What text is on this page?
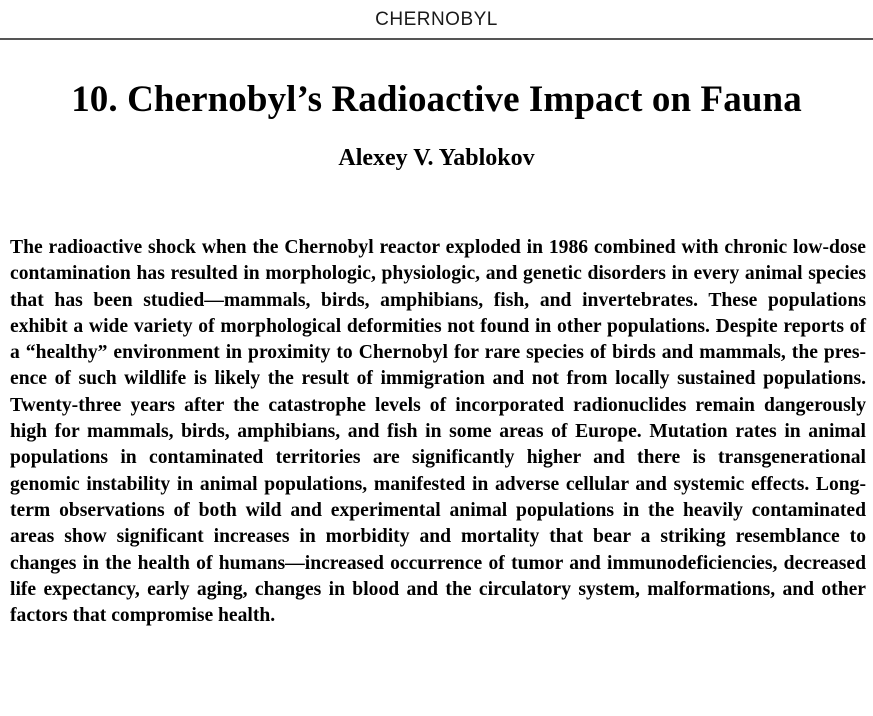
CHERNOBYL
10. Chernobyl’s Radioactive Impact on Fauna
Alexey V. Yablokov

The radioactive shock when the Chernobyl reactor exploded in 1986 combined with chronic low-dose contamination has resulted in morphologic, physiologic, and genetic disorders in every animal species that has been studied—mammals, birds, amphibians, fish, and invertebrates. These populations exhibit a wide variety of morphological deformities not found in other populations. Despite reports of a “healthy” environment in proximity to Chernobyl for rare species of birds and mammals, the presence of such wildlife is likely the result of immigration and not from locally sustained populations. Twenty-three years after the catastrophe levels of incorporated radionuclides remain dangerously high for mammals, birds, amphibians, and fish in some areas of Europe. Mutation rates in animal populations in contaminated territories are significantly higher and there is transgenerational genomic instability in animal populations, manifested in adverse cellular and systemic effects. Long-term observations of both wild and experimental animal populations in the heavily contaminated areas show significant increases in morbidity and mortality that bear a striking resemblance to changes in the health of humans—increased occurrence of tumor and immunodeficiencies, decreased life expectancy, early aging, changes in blood and the circulatory system, malformations, and other factors that compromise health.
